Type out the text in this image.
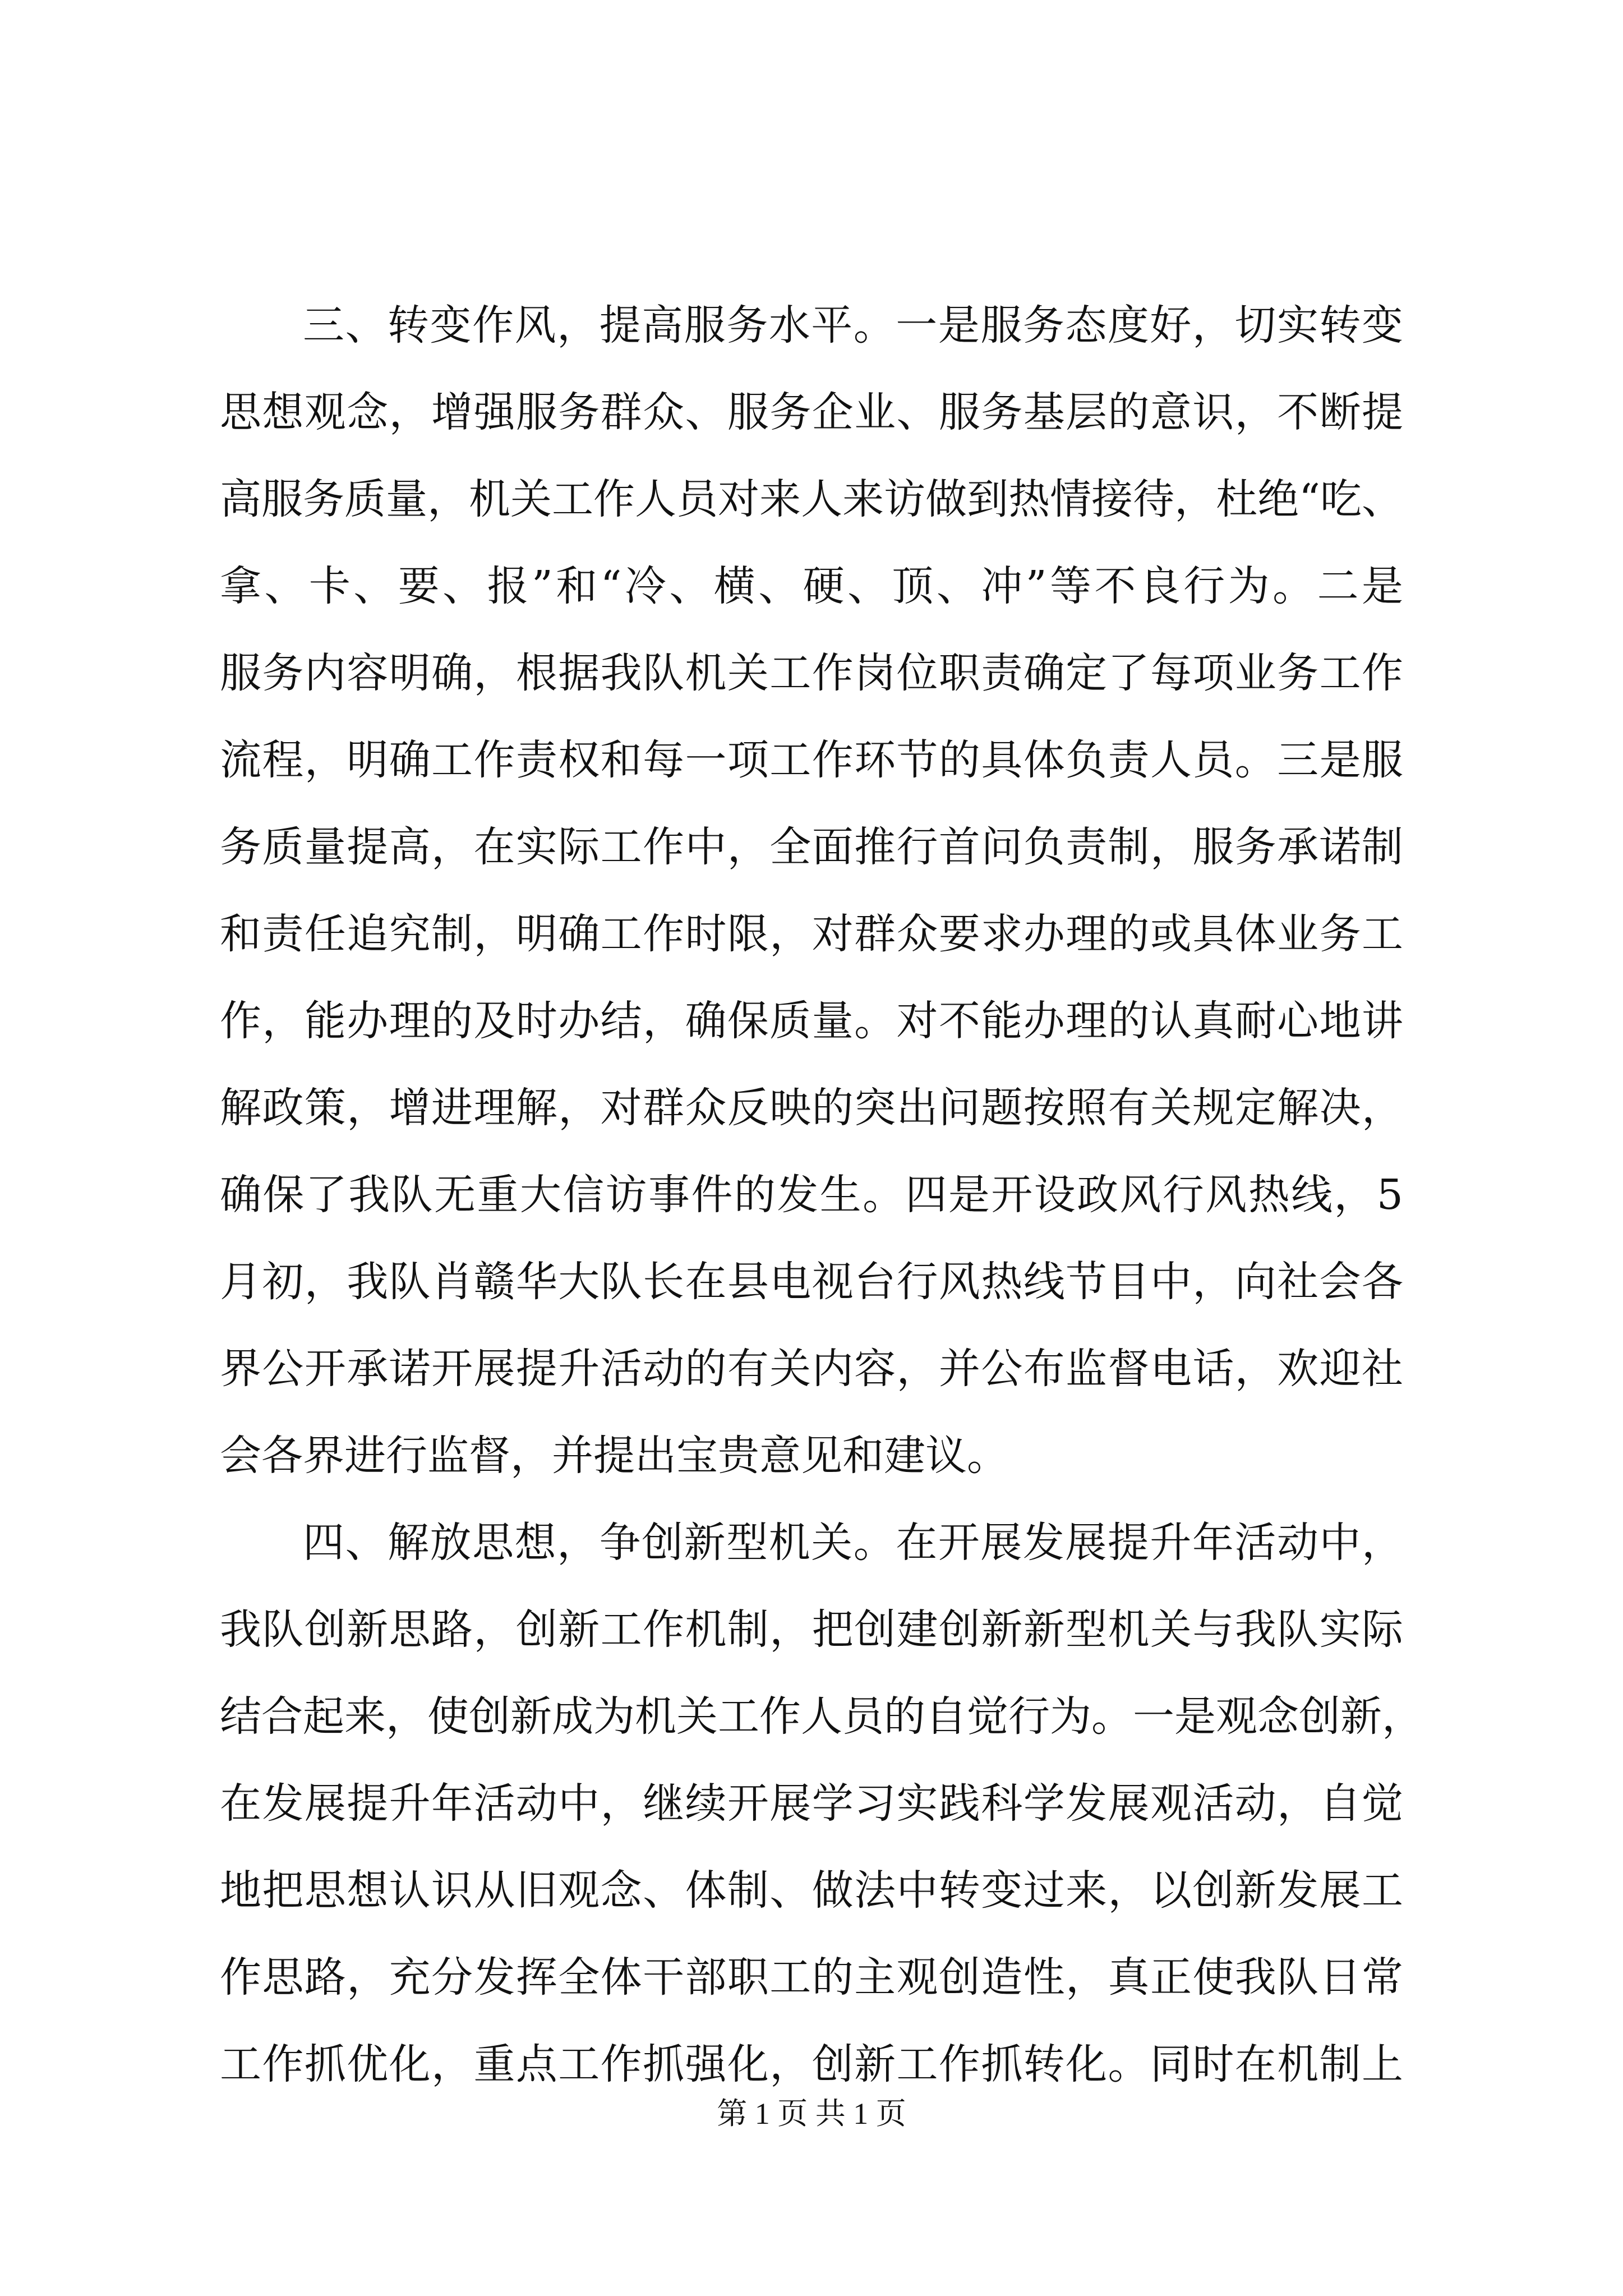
三、转变作风，提高服务水平。一是服务态度好，切实转变
思想观念，增强服务群众、服务企业、服务基层的意识，不断提
高服务质量，机关工作人员对来人来访做到热情接待，杜绝“吃、
拿、卡、要、报”和“冷、横、硬、顶、冲”等不良行为。二是
服务内容明确，根据我队机关工作岗位职责确定了每项业务工作
流程，明确工作责权和每一项工作环节的具体负责人员。三是服
务质量提高，在实际工作中，全面推行首问负责制，服务承诺制
和责任追究制，明确工作时限，对群众要求办理的或具体业务工
作，能办理的及时办结，确保质量。对不能办理的认真耐心地讲
解政策，增进理解，对群众反映的突出问题按照有关规定解决，
确保了我队无重大信访事件的发生。四是开设政风行风热线，5
月初，我队肖赣华大队长在县电视台行风热线节目中，向社会各
界公开承诺开展提升活动的有关内容，并公布监督电话，欢迎社
会各界进行监督，并提出宝贵意见和建议。
四、解放思想，争创新型机关。在开展发展提升年活动中，
我队创新思路，创新工作机制，把创建创新新型机关与我队实际
结合起来，使创新成为机关工作人员的自觉行为。一是观念创新，
在发展提升年活动中，继续开展学习实践科学发展观活动，自觉
地把思想认识从旧观念、体制、做法中转变过来，以创新发展工
作思路，充分发挥全体干部职工的主观创造性，真正使我队日常
工作抓优化，重点工作抓强化，创新工作抓转化。同时在机制上
第 1 页 共 1 页
